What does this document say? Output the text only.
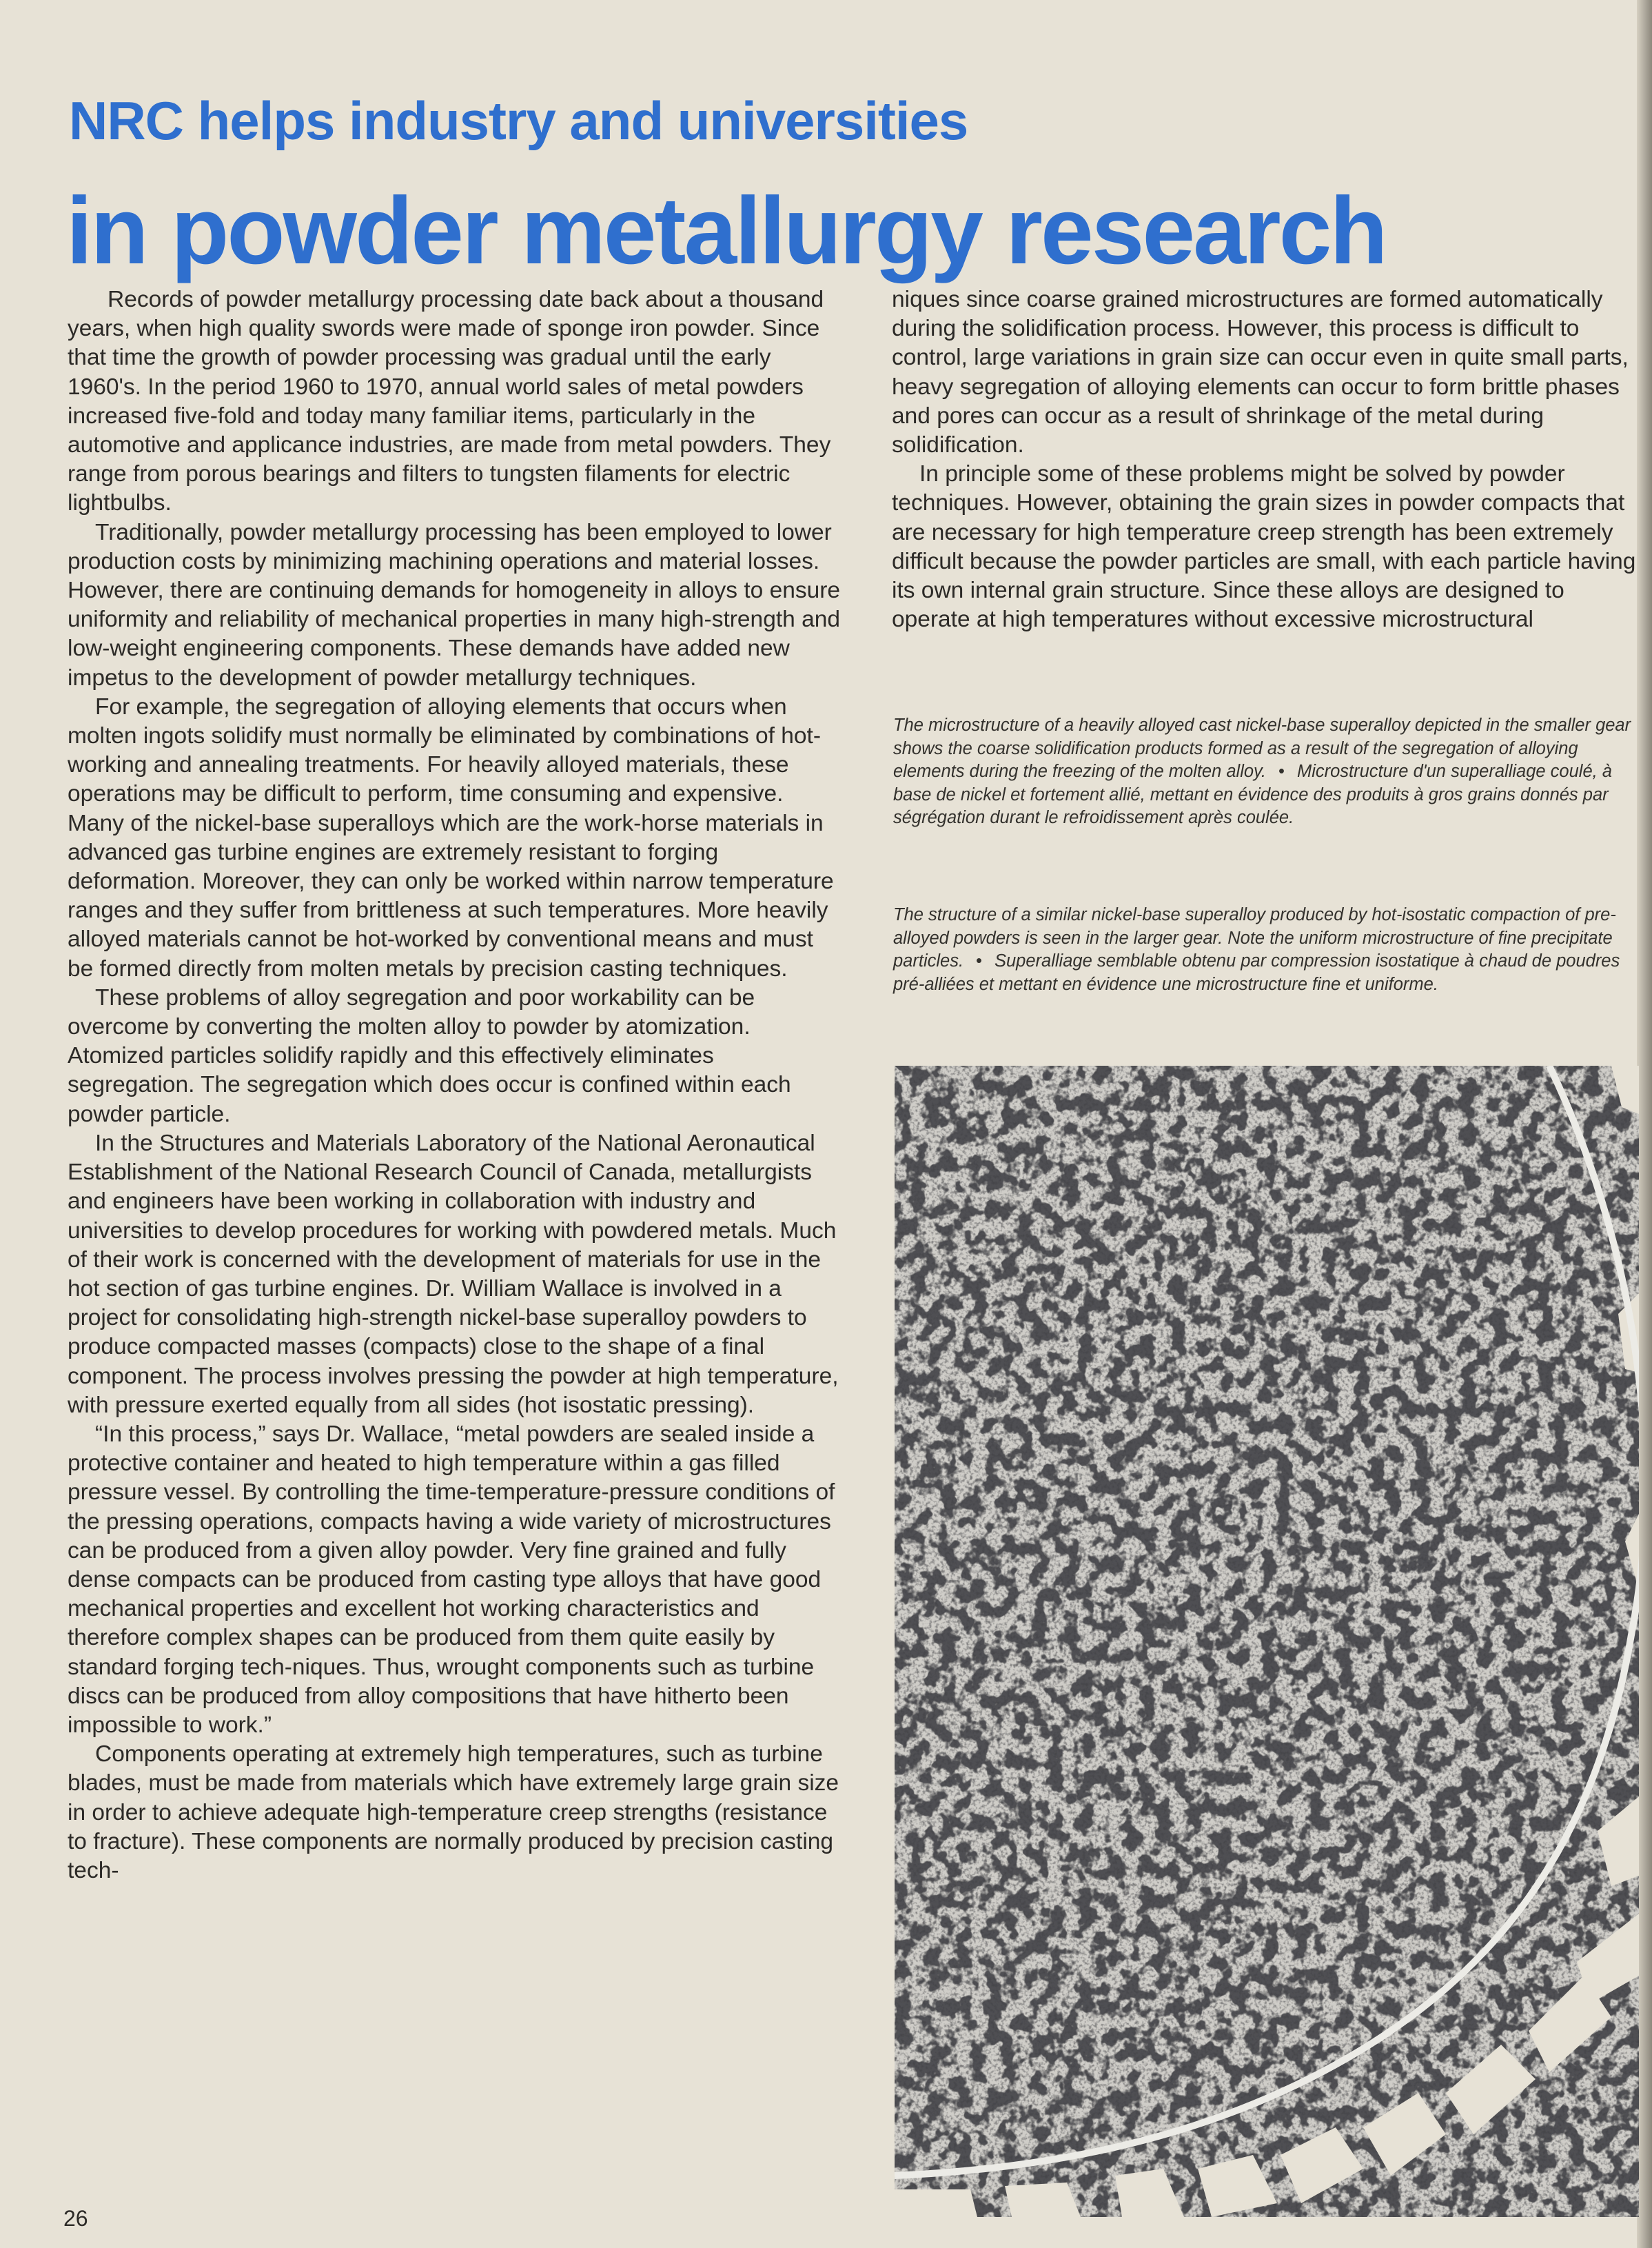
NRC helps industry and universities
in powder metallurgy research

Records of powder metallurgy processing date back about a thousand years, when high quality swords were made of sponge iron powder. Since that time the growth of powder processing was gradual until the early 1960's. In the period 1960 to 1970, annual world sales of metal powders increased five-fold and today many familiar items, particularly in the automotive and applicance industries, are made from metal powders. They range from porous bearings and filters to tungsten filaments for electric lightbulbs.

Traditionally, powder metallurgy processing has been employed to lower production costs by minimizing machining operations and material losses. However, there are continuing demands for homogeneity in alloys to ensure uniformity and reliability of mechanical properties in many high-strength and low-weight engineering components. These demands have added new impetus to the development of powder metallurgy techniques.

For example, the segregation of alloying elements that occurs when molten ingots solidify must normally be eliminated by combinations of hot-working and annealing treatments. For heavily alloyed materials, these operations may be difficult to perform, time consuming and expensive. Many of the nickel-base superalloys which are the work-horse materials in advanced gas turbine engines are extremely resistant to forging deformation. Moreover, they can only be worked within narrow temperature ranges and they suffer from brittleness at such temperatures. More heavily alloyed materials cannot be hot-worked by conventional means and must be formed directly from molten metals by precision casting techniques.

These problems of alloy segregation and poor workability can be overcome by converting the molten alloy to powder by atomization. Atomized particles solidify rapidly and this effectively eliminates segregation. The segregation which does occur is confined within each powder particle.

In the Structures and Materials Laboratory of the National Aeronautical Establishment of the National Research Council of Canada, metallurgists and engineers have been working in collaboration with industry and universities to develop procedures for working with powdered metals. Much of their work is concerned with the development of materials for use in the hot section of gas turbine engines. Dr. William Wallace is involved in a project for consolidating high-strength nickel-base superalloy powders to produce compacted masses (compacts) close to the shape of a final component. The process involves pressing the powder at high temperature, with pressure exerted equally from all sides (hot isostatic pressing).

“In this process,” says Dr. Wallace, “metal powders are sealed inside a protective container and heated to high temperature within a gas filled pressure vessel. By controlling the time-temperature-pressure conditions of the pressing operations, compacts having a wide variety of microstructures can be produced from a given alloy powder. Very fine grained and fully dense compacts can be produced from casting type alloys that have good mechanical properties and excellent hot working characteristics and therefore complex shapes can be produced from them quite easily by standard forging tech-niques. Thus, wrought components such as turbine discs can be produced from alloy compositions that have hitherto been impossible to work.”

Components operating at extremely high temperatures, such as turbine blades, must be made from materials which have extremely large grain size in order to achieve adequate high-temperature creep strengths (resistance to fracture). These components are normally produced by precision casting tech-

niques since coarse grained microstructures are formed automatically during the solidification process. However, this process is difficult to control, large variations in grain size can occur even in quite small parts, heavy segregation of alloying elements can occur to form brittle phases and pores can occur as a result of shrinkage of the metal during solidification.

In principle some of these problems might be solved by powder techniques. However, obtaining the grain sizes in powder compacts that are necessary for high temperature creep strength has been extremely difficult because the powder particles are small, with each particle having its own internal grain structure. Since these alloys are designed to operate at high temperatures without excessive microstructural

The microstructure of a heavily alloyed cast nickel-base superalloy depicted in the smaller gear shows the coarse solidification products formed as a result of the segregation of alloying elements during the freezing of the molten alloy. • Microstructure d'un superalliage coulé, à base de nickel et fortement allié, mettant en évidence des produits à gros grains donnés par ségrégation durant le refroidissement après coulée.
The structure of a similar nickel-base superalloy produced by hot-isostatic compaction of pre-alloyed powders is seen in the larger gear. Note the uniform microstructure of fine precipitate particles. • Superalliage semblable obtenu par compression isostatique à chaud de poudres pré-alliées et mettant en évidence une microstructure fine et uniforme.
26
